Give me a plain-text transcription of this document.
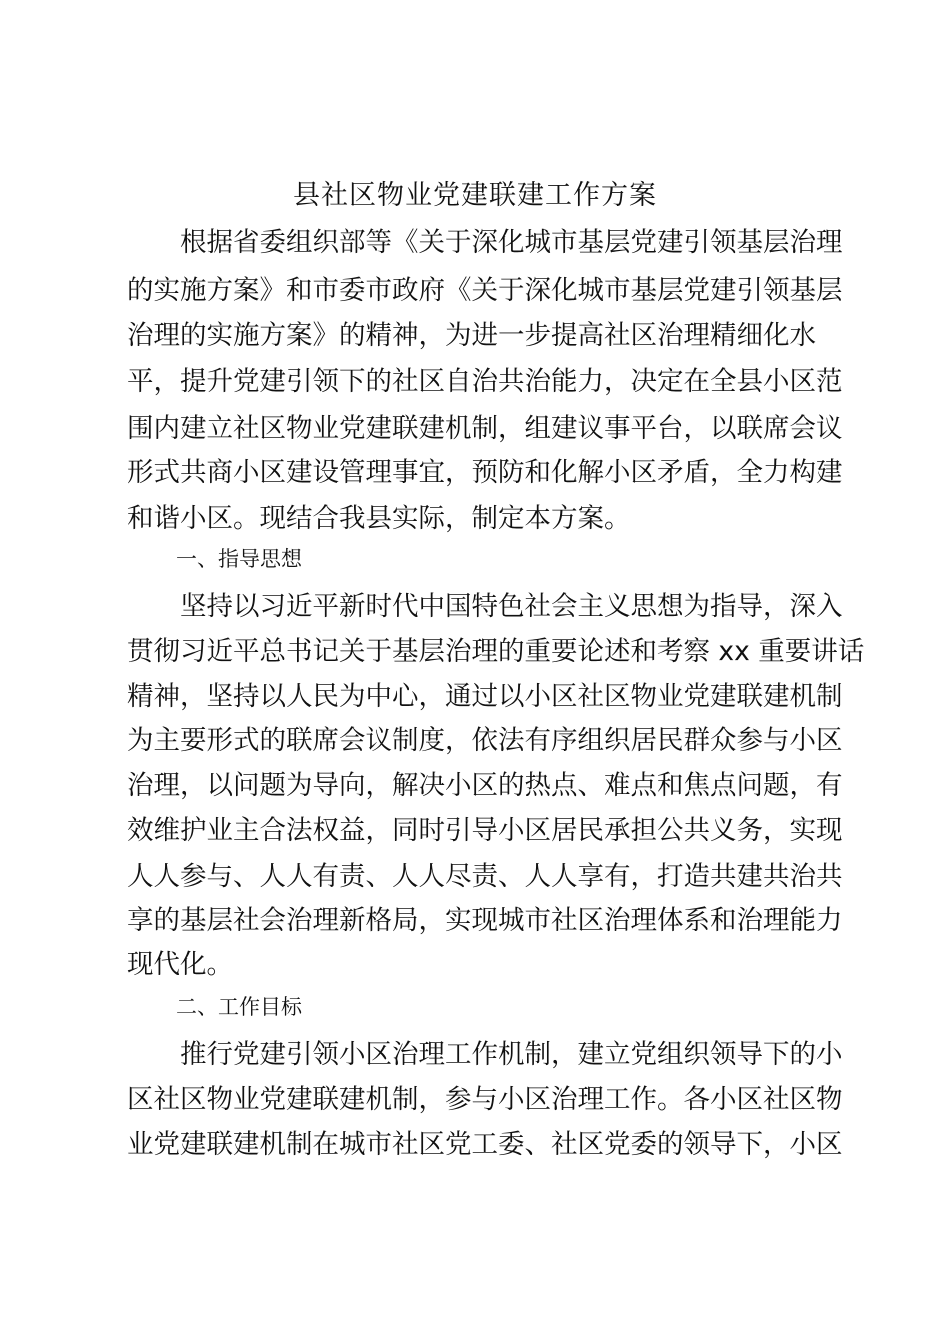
县社区物业党建联建工作方案
　　根据省委组织部等《关于深化城市基层党建引领基层治理
的实施方案》和市委市政府《关于深化城市基层党建引领基层
治理的实施方案》的精神，为进一步提高社区治理精细化水
平，提升党建引领下的社区自治共治能力，决定在全县小区范
围内建立社区物业党建联建机制，组建议事平台，以联席会议
形式共商小区建设管理事宜，预防和化解小区矛盾，全力构建
和谐小区。现结合我县实际，制定本方案。
一、指导思想
　　坚持以习近平新时代中国特色社会主义思想为指导，深入
贯彻习近平总书记关于基层治理的重要论述和考察 xx 重要讲话
精神，坚持以人民为中心，通过以小区社区物业党建联建机制
为主要形式的联席会议制度，依法有序组织居民群众参与小区
治理，以问题为导向，解决小区的热点、难点和焦点问题，有
效维护业主合法权益，同时引导小区居民承担公共义务，实现
人人参与、人人有责、人人尽责、人人享有，打造共建共治共
享的基层社会治理新格局，实现城市社区治理体系和治理能力
现代化。
二、工作目标
　　推行党建引领小区治理工作机制，建立党组织领导下的小
区社区物业党建联建机制，参与小区治理工作。各小区社区物
业党建联建机制在城市社区党工委、社区党委的领导下，小区
